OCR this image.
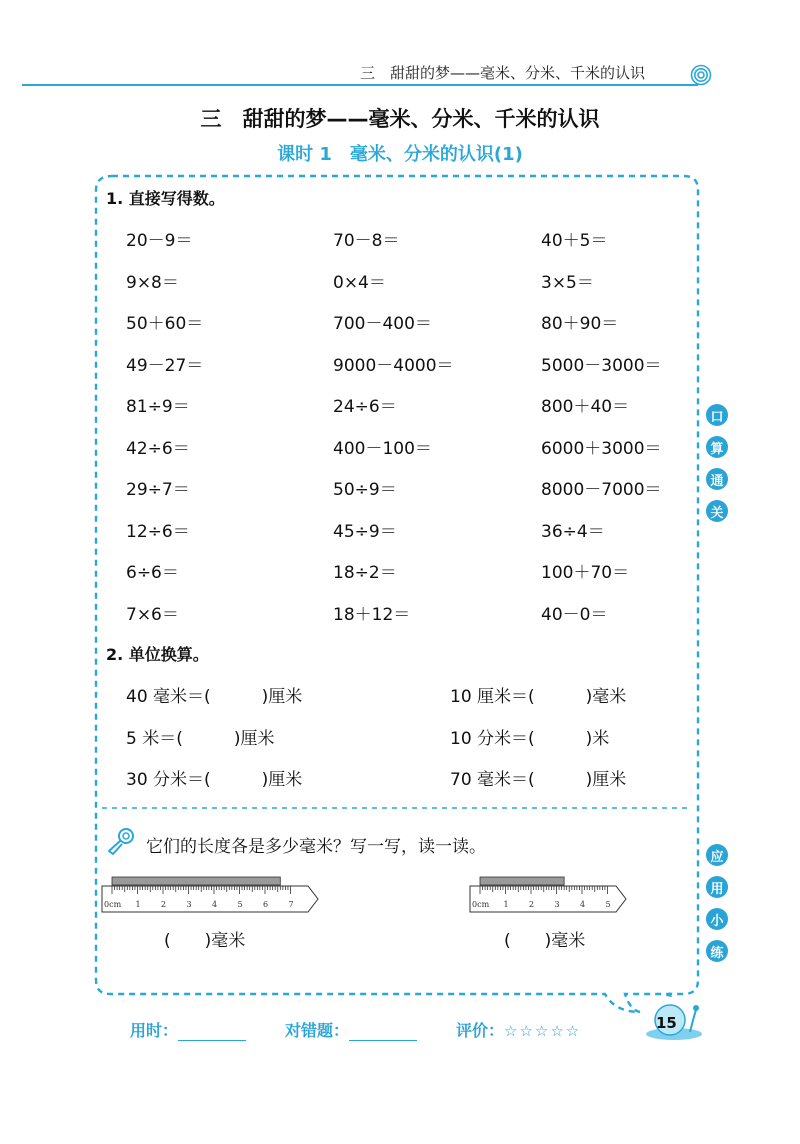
三　甜甜的梦——毫米、分米、千米的认识
三　甜甜的梦——毫米、分米、千米的认识
课时 1　毫米、分米的认识(1)
1. 直接写得数。
20－9＝	70－8＝	40＋5＝
9×8＝	0×4＝	3×5＝
50＋60＝	700－400＝	80＋90＝
49－27＝	9000－4000＝	5000－3000＝
81÷9＝	24÷6＝	800＋40＝
42÷6＝	400－100＝	6000＋3000＝
29÷7＝	50÷9＝	8000－7000＝
12÷6＝	45÷9＝	36÷4＝
6÷6＝	18÷2＝	100＋70＝
7×6＝	18＋12＝	40－0＝
口
算
通
关
应
用
小
练
2. 单位换算。
40 毫米＝(　　　)厘米	10 厘米＝(　　　)毫米
5 米＝(　　　)厘米	10 分米＝(　　　)米
30 分米＝(　　　)厘米	70 毫米＝(　　　)厘米
它们的长度各是多少毫米？写一写，读一读。
0cm 1	2	3	4	5	6	7
(　　)毫米
0cm 1	2	3	4	5
(　　)毫米
用时：	对错题：	评价：☆☆☆☆☆	15
